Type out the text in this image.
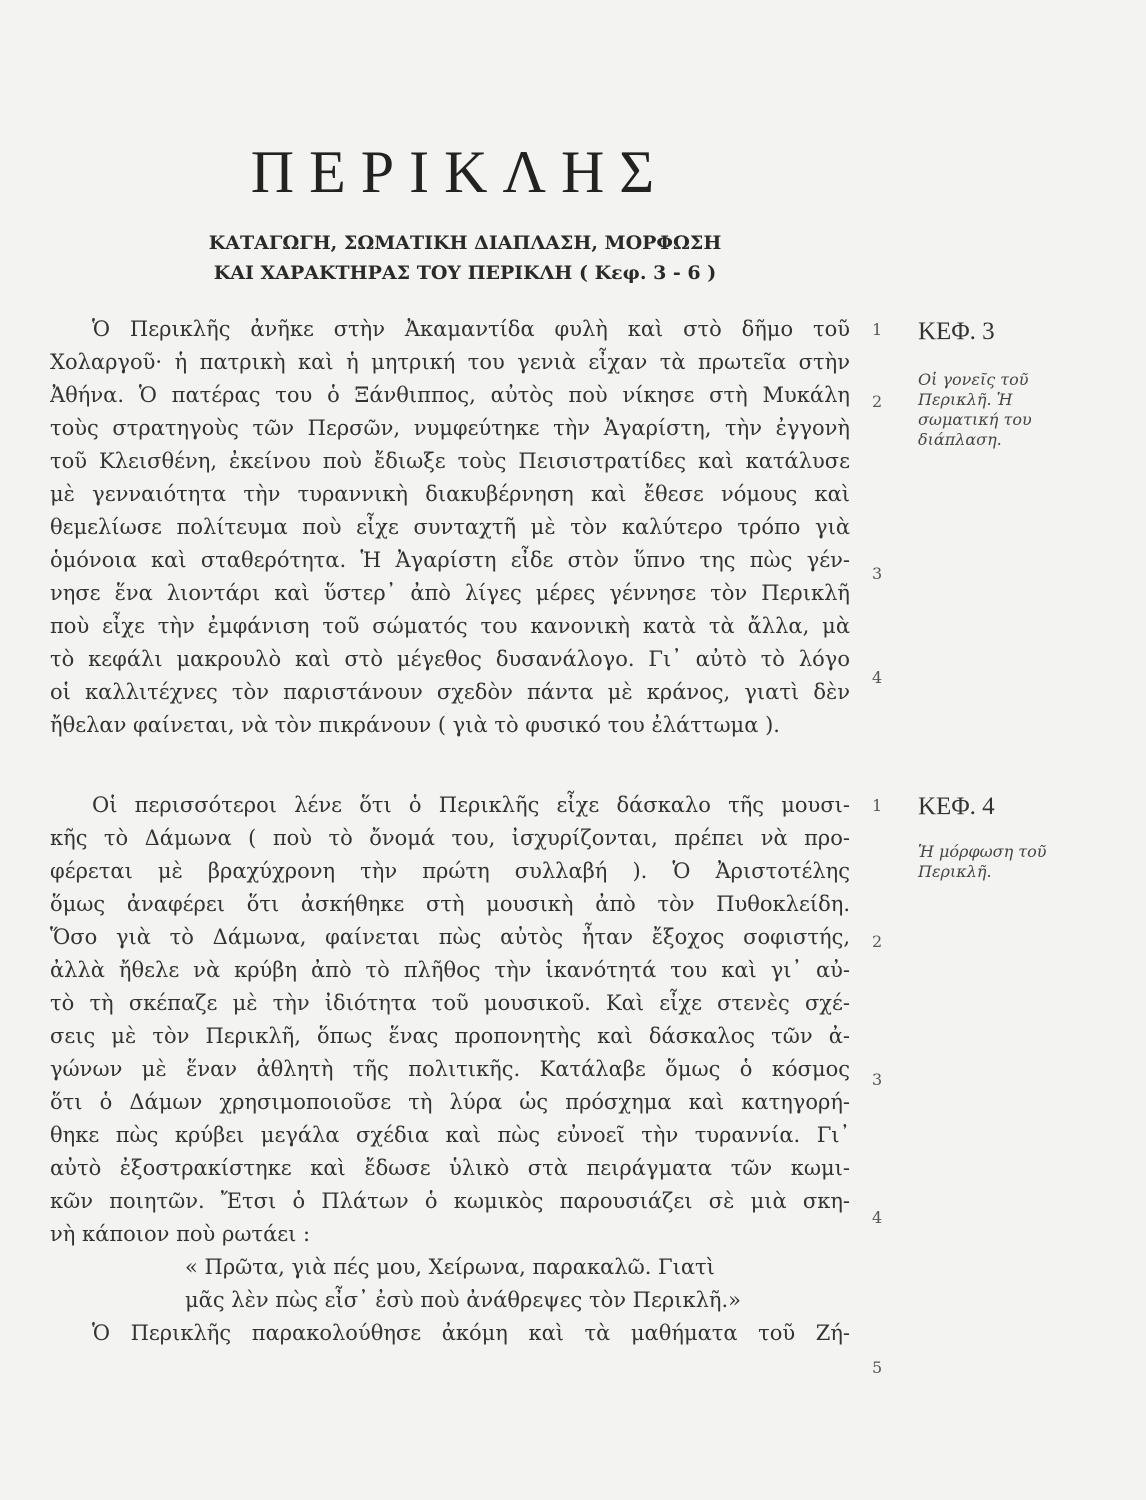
ΠΕΡΙΚΛΗΣ
ΚΑΤΑΓΩΓΗ, ΣΩΜΑΤΙΚΗ ΔΙΑΠΛΑΣΗ, ΜΟΡΦΩΣΗ
ΚΑΙ ΧΑΡΑΚΤΗΡΑΣ ΤΟΥ ΠΕΡΙΚΛΗ ( Κεφ. 3 - 6 )
Ὁ Περικλῆς ἀνῆκε στὴν Ἀκαμαντίδα φυλὴ καὶ στὸ δῆμο τοῦ
Χολαργοῦ· ἡ πατρικὴ καὶ ἡ μητρική του γενιὰ εἶχαν τὰ πρωτεῖα στὴν
Ἀθήνα. Ὁ πατέρας του ὁ Ξάνθιππος, αὐτὸς ποὺ νίκησε στὴ Μυκάλη
τοὺς στρατηγοὺς τῶν Περσῶν, νυμφεύτηκε τὴν Ἀγαρίστη, τὴν ἐγγονὴ
τοῦ Κλεισθένη, ἐκείνου ποὺ ἔδιωξε τοὺς Πεισιστρατίδες καὶ κατάλυσε
μὲ γενναιότητα τὴν τυραννικὴ διακυβέρνηση καὶ ἔθεσε νόμους καὶ
θεμελίωσε πολίτευμα ποὺ εἶχε συνταχτῆ μὲ τὸν καλύτερο τρόπο γιὰ
ὁμόνοια καὶ σταθερότητα. Ἡ Ἀγαρίστη εἶδε στὸν ὕπνο της πὼς γέν-
νησε ἕνα λιοντάρι καὶ ὕστερ᾽ ἀπὸ λίγες μέρες γέννησε τὸν Περικλῆ
ποὺ εἶχε τὴν ἐμφάνιση τοῦ σώματός του κανονικὴ κατὰ τὰ ἄλλα, μὰ
τὸ κεφάλι μακρουλὸ καὶ στὸ μέγεθος δυσανάλογο. Γι᾽ αὐτὸ τὸ λόγο
οἱ καλλιτέχνες τὸν παριστάνουν σχεδὸν πάντα μὲ κράνος, γιατὶ δὲν
ἤθελαν φαίνεται, νὰ τὸν πικράνουν ( γιὰ τὸ φυσικό του ἐλάττωμα ).
1
2
3
4
ΚΕΦ. 3
Οἱ γονεῖς τοῦ Περικλῆ. Ἡ σωματική του διάπλαση.
Οἱ περισσότεροι λένε ὅτι ὁ Περικλῆς εἶχε δάσκαλο τῆς μουσι-
κῆς τὸ Δάμωνα ( ποὺ τὸ ὄνομά του, ἰσχυρίζονται, πρέπει νὰ προ-
φέρεται μὲ βραχύχρονη τὴν πρώτη συλλαβή ). Ὁ Ἀριστοτέλης
ὅμως ἀναφέρει ὅτι ἀσκήθηκε στὴ μουσικὴ ἀπὸ τὸν Πυθοκλείδη.
Ὅσο γιὰ τὸ Δάμωνα, φαίνεται πὼς αὐτὸς ἦταν ἔξοχος σοφιστής,
ἀλλὰ ἤθελε νὰ κρύβη ἀπὸ τὸ πλῆθος τὴν ἱκανότητά του καὶ γι᾽ αὐ-
τὸ τὴ σκέπαζε μὲ τὴν ἰδιότητα τοῦ μουσικοῦ. Καὶ εἶχε στενὲς σχέ-
σεις μὲ τὸν Περικλῆ, ὅπως ἕνας προπονητὴς καὶ δάσκαλος τῶν ἀ-
γώνων μὲ ἕναν ἀθλητὴ τῆς πολιτικῆς. Κατάλαβε ὅμως ὁ κόσμος
ὅτι ὁ Δάμων χρησιμοποιοῦσε τὴ λύρα ὡς πρόσχημα καὶ κατηγορή-
θηκε πὼς κρύβει μεγάλα σχέδια καὶ πὼς εὐνοεῖ τὴν τυραννία. Γι᾽
αὐτὸ ἐξοστρακίστηκε καὶ ἔδωσε ὑλικὸ στὰ πειράγματα τῶν κωμι-
κῶν ποιητῶν. Ἔτσι ὁ Πλάτων ὁ κωμικὸς παρουσιάζει σὲ μιὰ σκη-
νὴ κάποιον ποὺ ρωτάει :
« Πρῶτα, γιὰ πές μου, Χείρωνα, παρακαλῶ. Γιατὶ
μᾶς λὲν πὼς εἶσ᾽ ἐσὺ ποὺ ἀνάθρεψες τὸν Περικλῆ.»
Ὁ Περικλῆς παρακολούθησε ἀκόμη καὶ τὰ μαθήματα τοῦ Ζή-
1
2
3
4
5
ΚΕΦ. 4
Ἡ μόρφωση τοῦ Περικλῆ.
